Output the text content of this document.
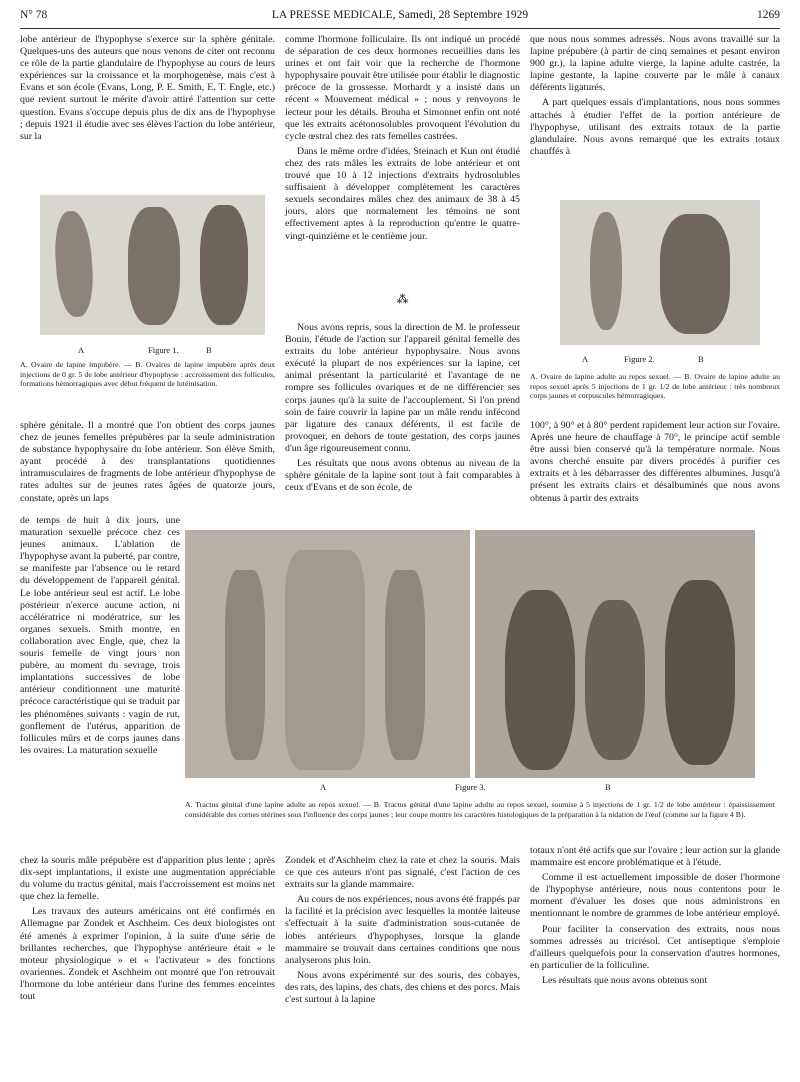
N° 78	LA PRESSE MEDICALE, Samedi, 28 Septembre 1929	1269

lobe antérieur de l'hypophyse s'exerce sur la sphère génitale. Quelques-uns des auteurs que nous venons de citer ont reconnu ce rôle de la partie glandulaire de l'hypophyse au cours de leurs expériences sur la croissance et la morphogenèse, mais c'est à Evans et son école (Evans, Long, P. E. Smith, E. T. Engle, etc.) que revient surtout le mérite d'avoir attiré l'attention sur cette question. Evans s'occupe depuis plus de dix ans de l'hypophyse ; depuis 1921 il étudie avec ses élèves l'action du lobe antérieur, sur la

A	Figure 1.	B
A. Ovaire de lapine impubère. — B. Ovaires de lapine impubère après deux injections de 0 gr. 5 de lobe antérieur d'hypophyse : accroissement des follicules, formations hémorragiques avec début fréquent de lutéinisation.

sphère génitale. Il a montré que l'on obtient des corps jaunes chez de jeunes femelles prépubères par la seule administration de substance hypophysaire du lobe antérieur. Son élève Smith, ayant procédé à des transplantations quotidiennes intramusculaires de fragments de lobe antérieur d'hypophyse de rates adultes sur de jeunes rates âgées de quatorze jours, constate, après un laps

de temps de huit à dix jours, une maturation sexuelle précoce chez ces jeunes animaux. L'ablation de l'hypophyse avant la puberté, par contre, se manifeste par l'absence ou le retard du développement de l'appareil génital. Le lobe antérieur seul est actif. Le lobe postérieur n'exerce aucune action, ni accélératrice ni modératrice, sur les organes sexuels. Smith montre, en collaboration avec Engle, que, chez la souris femelle de vingt jours non pubère, au moment du sevrage, trois implantations successives de lobe antérieur conditionnent une maturité précoce caractéristique qui se traduit par les phénomènes suivants : vagin de rut, gonflement de l'utérus, apparition de follicules mûrs et de corps jaunes dans les ovaires. La maturation sexuelle

chez la souris mâle prépubère est d'apparition plus lente ; après dix-sept implantations, il existe une augmentation appréciable du volume du tractus génital, mais l'accroissement est moins net que chez la femelle.

Les travaux des auteurs américains ont été confirmés en Allemagne par Zondek et Aschheim. Ces deux biologistes ont été amenés à exprimer l'opinion, à la suite d'une série de brillantes recherches, que l'hypophyse antérieure était « le moteur physiologique » et « l'activateur » des fonctions ovariennes. Zondek et Aschheim ont montré que l'on retrouvait l'hormone du lobe antérieur dans l'urine des femmes enceintes tout

comme l'hormone folliculaire. Ils ont indiqué un procédé de séparation de ces deux hormones recueillies dans les urines et ont fait voir que la recherche de l'hormone hypophysaire pouvait être utilisée pour établir le diagnostic précoce de la grossesse. Morhardt y a insisté dans un récent « Mouvement médical » ; nous y renvoyons le lecteur pour les détails. Brouha et Simonnet enfin ont noté que les extraits acétonosolubles provoquent l'évolution du cycle œstral chez des rats femelles castrées.

Dans le même ordre d'idées, Steinach et Kun ont étudié chez des rats mâles les extraits de lobe antérieur et ont trouvé que 10 à 12 injections d'extraits hydrosolubles suffisaient à développer complètement les caractères sexuels secondaires mâles chez des animaux de 38 à 45 jours, alors que normalement les témoins ne sont effectivement aptes à la reproduction qu'entre le quatre-vingt-quinzième et le centième jour.

⁂

Nous avons repris, sous la direction de M. le professeur Bouin, l'étude de l'action sur l'appareil génital femelle des extraits du lobe antérieur hypophysaire. Nous avons exécuté la plupart de nos expériences sur la lapine, cet animal présentant la particularité et l'avantage de ne rompre ses follicules ovariques et de ne différencier ses corps jaunes qu'à la suite de l'accouplement. Si l'on prend soin de faire couvrir la lapine par un mâle rendu infécond par ligature des canaux déférents, il est facile de provoquer, en dehors de toute gestation, des corps jaunes d'un âge rigoureusement connu.

Les résultats que nous avons obtenus au niveau de la sphère génitale de la lapine sont tout à fait comparables à ceux d'Evans et de son école, de

Zondek et d'Aschheim chez la rate et chez la souris. Mais ce que ces auteurs n'ont pas signalé, c'est l'action de ces extraits sur la glande mammaire.

Au cours de nos expériences, nous avons été frappés par la facilité et la précision avec lesquelles la montée laiteuse s'effectuait à la suite d'administration sous-cutanée de lobes antérieurs d'hypophyses, lorsque la glande mammaire se trouvait dans certaines conditions que nous analyserons plus loin.

Nous avons expérimenté sur des souris, des cobayes, des rats, des lapins, des chats, des chiens et des porcs. Mais c'est surtout à la lapine

que nous nous sommes adressés. Nous avons travaillé sur la lapine prépubère (à partir de cinq semaines et pesant environ 900 gr.), la lapine adulte vierge, la lapine adulte castrée, la lapine gestante, la lapine couverte par le mâle à canaux déférents ligaturés.

A part quelques essais d'implantations, nous nous sommes attachés à étudier l'effet de la portion antérieure de l'hypophyse, utilisant des extraits totaux de la partie glandulaire. Nous avons remarqué que les extraits totaux chauffés à

A	Figure 2.	B
A. Ovaire de lapine adulte au repos sexuel. — B. Ovaire de lapine adulte au repos sexuel après 5 injections de 1 gr. 1/2 de lobe antérieur : très nombreux corps jaunes et corpuscules hémorragiques.

100°, à 90° et à 80° perdent rapidement leur action sur l'ovaire. Après une heure de chauffage à 70°, le principe actif semble être aussi bien conservé qu'à la température normale. Nous avons cherché ensuite par divers procédés à purifier ces extraits et à les débarrasser des différentes albumines. Jusqu'à présent les extraits clairs et désalbuminés que nous avons obtenus à partir des extraits

A	Figure 3.	B
A. Tractus génital d'une lapine adulte au repos sexuel. — B. Tractus génital d'une lapine adulte au repos sexuel, soumise à 5 injections de 1 gr. 1/2 de lobe antérieur : épaississement considérable des cornes utérines sous l'influence des corps jaunes ; leur coupe montre les caractères histologiques de la préparation à la nidation de l'œuf (comme sur la figure 4 B).

totaux n'ont été actifs que sur l'ovaire ; leur action sur la glande mammaire est encore problématique et à l'étude.

Comme il est actuellement impossible de doser l'hormone de l'hypophyse antérieure, nous nous contentons pour le moment d'évaluer les doses que nous administrons en mentionnant le nombre de grammes de lobe antérieur employé.

Pour faciliter la conservation des extraits, nous nous sommes adressés au tricrésol. Cet antiseptique s'emploie d'ailleurs quelquefois pour la conservation d'autres hormones, en particulier de la folliculine.

Les résultats que nous avons obtenus sont
